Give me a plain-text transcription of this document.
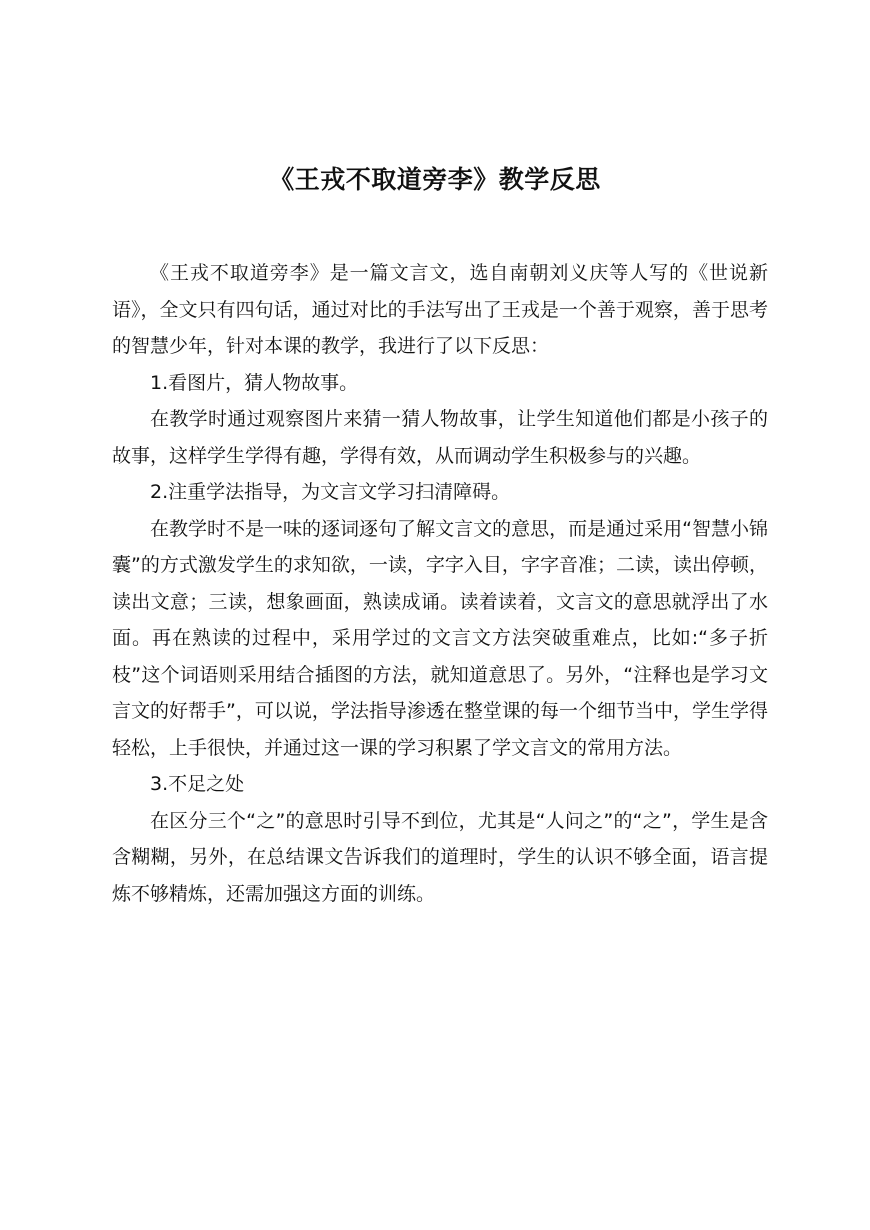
《王戎不取道旁李》教学反思

《王戎不取道旁李》是一篇文言文，选自南朝刘义庆等人写的《世说新语》，全文只有四句话，通过对比的手法写出了王戎是一个善于观察，善于思考的智慧少年，针对本课的教学，我进行了以下反思：

1.看图片，猜人物故事。

在教学时通过观察图片来猜一猜人物故事，让学生知道他们都是小孩子的故事，这样学生学得有趣，学得有效，从而调动学生积极参与的兴趣。

2.注重学法指导，为文言文学习扫清障碍。

在教学时不是一味的逐词逐句了解文言文的意思，而是通过采用“智慧小锦囊”的方式激发学生的求知欲，一读，字字入目，字字音准；二读，读出停顿，读出文意；三读，想象画面，熟读成诵。读着读着，文言文的意思就浮出了水面。再在熟读的过程中，采用学过的文言文方法突破重难点，比如:“多子折枝”这个词语则采用结合插图的方法，就知道意思了。另外，“注释也是学习文言文的好帮手”，可以说，学法指导渗透在整堂课的每一个细节当中，学生学得轻松，上手很快，并通过这一课的学习积累了学文言文的常用方法。

3.不足之处

在区分三个“之”的意思时引导不到位，尤其是“人问之”的“之”，学生是含含糊糊，另外，在总结课文告诉我们的道理时，学生的认识不够全面，语言提炼不够精炼，还需加强这方面的训练。
